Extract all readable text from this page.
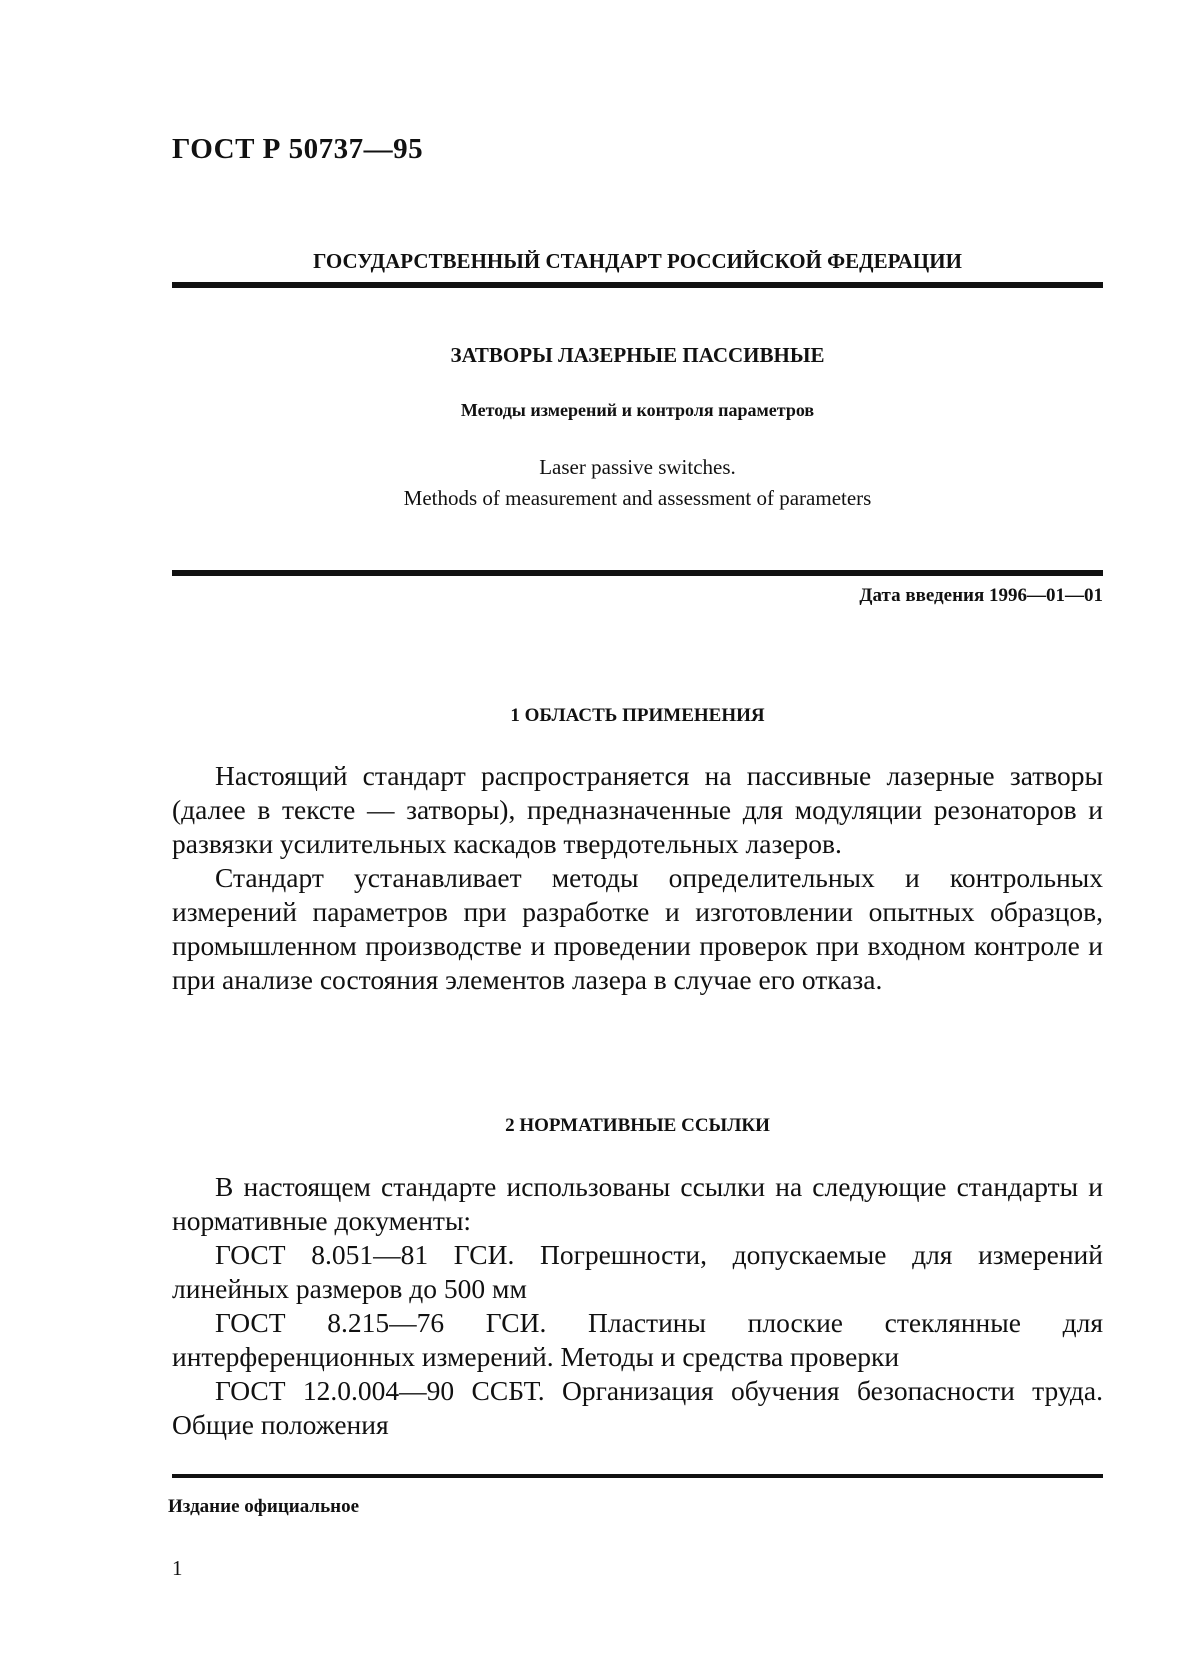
ГОСТ Р 50737—95
ГОСУДАРСТВЕННЫЙ СТАНДАРТ РОССИЙСКОЙ ФЕДЕРАЦИИ
ЗАТВОРЫ ЛАЗЕРНЫЕ ПАССИВНЫЕ
Методы измерений и контроля параметров
Laser passive switches.
Methods of measurement and assessment of parameters
Дата введения 1996—01—01
1 ОБЛАСТЬ ПРИМЕНЕНИЯ

Настоящий стандарт распространяется на пассивные лазерные затворы (далее в тексте — затворы), предназначенные для модуляции резонаторов и развязки усилительных каскадов твердотельных лазеров.

Стандарт устанавливает методы определительных и контрольных измерений параметров при разработке и изготовлении опытных образцов, промышленном производстве и проведении проверок при входном контроле и при анализе состояния элементов лазера в случае его отказа.

2 НОРМАТИВНЫЕ ССЫЛКИ

В настоящем стандарте использованы ссылки на следующие стандарты и нормативные документы:

ГОСТ 8.051—81 ГСИ. Погрешности, допускаемые для измерений линейных размеров до 500 мм

ГОСТ 8.215—76 ГСИ. Пластины плоские стеклянные для интерференционных измерений. Методы и средства проверки

ГОСТ 12.0.004—90 ССБТ. Организация обучения безопасности труда. Общие положения

Издание официальное
1
